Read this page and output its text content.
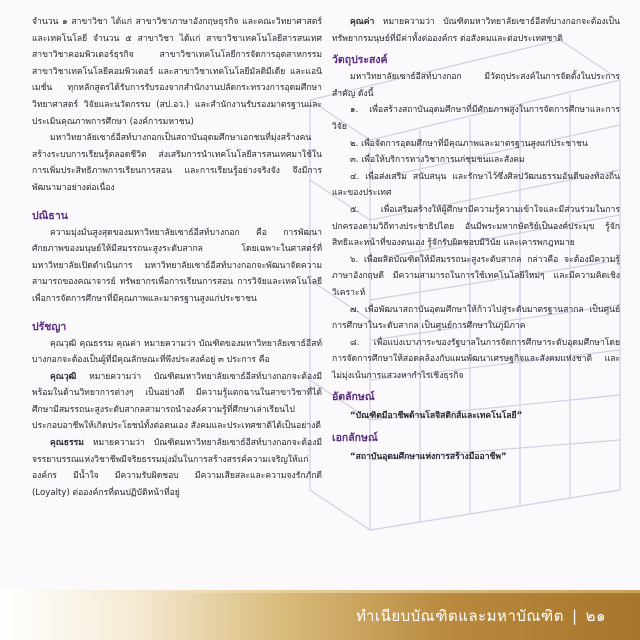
จำนวน ๑ สาขาวิชา ได้แก่ สาขาวิชาภาษาอังกฤษธุรกิจ และคณะวิทยาศาสตร์และเทคโนโลยี จำนวน ๕ สาขาวิชา ได้แก่ สาขาวิชาเทคโนโลยีสารสนเทศ สาขาวิชาคอมพิวเตอร์ธุรกิจ สาขาวิชาเทคโนโลยีการจัดการอุตสาหกรรม สาขาวิชาเทคโนโลยีคอมพิวเตอร์ และสาขาวิชาเทคโนโลยีมัลติมีเดีย และแอนิเมชั่น ทุกหลักสูตรได้รับการรับรองจากสำนักงานปลัดกระทรวงการอุดมศึกษาวิทยาศาสตร์ วิจัยและนวัตกรรม (สป.อว.) และสำนักงานรับรองมาตรฐานและประเมินคุณภาพการศึกษา (องค์การมหาชน)

มหาวิทยาลัยเซาธ์อีสท์บางกอกเป็นสถาบันอุดมศึกษาเอกชนที่มุ่งสร้างคน สร้างระบบการเรียนรู้ตลอดชีวิต ส่งเสริมการนำเทคโนโลยีสารสนเทศมาใช้ในการเพิ่มประสิทธิภาพการเรียนการสอน และการเรียนรู้อย่างจริงจัง จึงมีการพัฒนามาอย่างต่อเนื่อง

ปณิธาน

ความมุ่งมั่นสูงสุดของมหาวิทยาลัยเซาธ์อีสท์บางกอก คือ การพัฒนาศักยภาพของมนุษย์ให้มีสมรรถนะสูงระดับสากล โดยเฉพาะในศาสตร์ที่มหาวิทยาลัยเปิดดำเนินการ มหาวิทยาลัยเซาธ์อีสท์บางกอกจะพัฒนาจัดความสามารถของคณาจารย์ ทรัพยากรเพื่อการเรียนการสอน การวิจัยและเทคโนโลยีเพื่อการจัดการศึกษาที่มีคุณภาพและมาตรฐานสูงแก่ประชาชน

ปรัชญา

คุณวุฒิ คุณธรรม คุณค่า หมายความว่า บัณฑิตของมหาวิทยาลัยเซาธ์อีสท์บางกอกจะต้องเป็นผู้ที่มีคุณลักษณะที่พึงประสงค์อยู่ ๓ ประการ คือ

คุณวุฒิ หมายความว่า บัณฑิตมหาวิทยาลัยเซาธ์อีสท์บางกอกจะต้องมีพร้อมในด้านวิทยาการต่างๆ เป็นอย่างดี มีความรู้แตกฉานในสาขาวิชาที่ได้ศึกษามีสมรรถนะสูงระดับสากลสามารถนำองค์ความรู้ที่ศึกษาเล่าเรียนไปประกอบอาชีพให้เกิดประโยชน์ทั้งต่อตนเอง สังคมและประเทศชาติได้เป็นอย่างดี

คุณธรรม หมายความว่า บัณฑิตมหาวิทยาลัยเซาธ์อีสท์บางกอกจะต้องมีจรรยาบรรณแห่งวิชาชีพมีจริยธรรมมุ่งมั่นในการสร้างสรรค์ความเจริญให้แก่องค์กร มีน้ำใจ มีความรับผิดชอบ มีความเสียสละและความจงรักภักดี (Loyalty) ต่อองค์กรที่ตนปฏิบัติหน้าที่อยู่

คุณค่า หมายความว่า บัณฑิตมหาวิทยาลัยเซาธ์อีสท์บางกอกจะต้องเป็นทรัพยากรมนุษย์ที่มีค่าทั้งต่อองค์กร ต่อสังคมและต่อประเทศชาติ

วัตถุประสงค์

มหาวิทยาลัยเซาธ์อีสท์บางกอก มีวัตถุประสงค์ในการจัดตั้งในประการสำคัญ ดังนี้

๑. เพื่อสร้างสถาบันอุดมศึกษาที่มีศักยภาพสูงในการจัดการศึกษาและการวิจัย

๒. เพื่อจัดการอุดมศึกษาที่มีคุณภาพและมาตรฐานสูงแก่ประชาชน

๓. เพื่อให้บริการทางวิชาการแก่ชุมชนและสังคม

๔. เพื่อส่งเสริม สนับสนุน และรักษาไว้ซึ่งศิลปวัฒนธรรมอันดีของท้องถิ่นและของประเทศ

๕. เพื่อเสริมสร้างให้ผู้ศึกษามีความรู้ความเข้าใจและมีส่วนร่วมในการปกครองตามวิถีทางประชาธิปไตย อันมีพระมหากษัตริย์เป็นองค์ประมุข รู้จักสิทธิและหน้าที่ของตนเอง รู้จักรับผิดชอบมีวินัย และเคารพกฎหมาย

๖. เพื่อผลิตบัณฑิตให้มีสมรรถนะสูงระดับสากล กล่าวคือ จะต้องมีความรู้ ภาษาอังกฤษดี มีความสามารถในการใช้เทคโนโลยีใหม่ๆ และมีความคิดเชิงวิเคราะห์

๗. เพื่อพัฒนาสถาบันอุดมศึกษาให้ก้าวไปสู่ระดับมาตรฐานสากล เป็นศูนย์การศึกษาในระดับสากล เป็นศูนย์การศึกษาในภูมิภาค

๘. เพื่อแบ่งเบาภาระของรัฐบาลในการจัดการศึกษาระดับอุดมศึกษาโดยการจัดการศึกษาให้สอดคล้องกับแผนพัฒนาเศรษฐกิจและสังคมแห่งชาติ และไม่มุ่งเน้นการแสวงหากำไรเชิงธุรกิจ

อัตลักษณ์

“บัณฑิตมีอาชีพด้านโลจิสติกส์และเทคโนโลยี”

เอกลักษณ์

“สถาบันอุดมศึกษาแห่งการสร้างมืออาชีพ”

ทำเนียบบัณฑิตและมหาบัณฑิต | ๒๑
